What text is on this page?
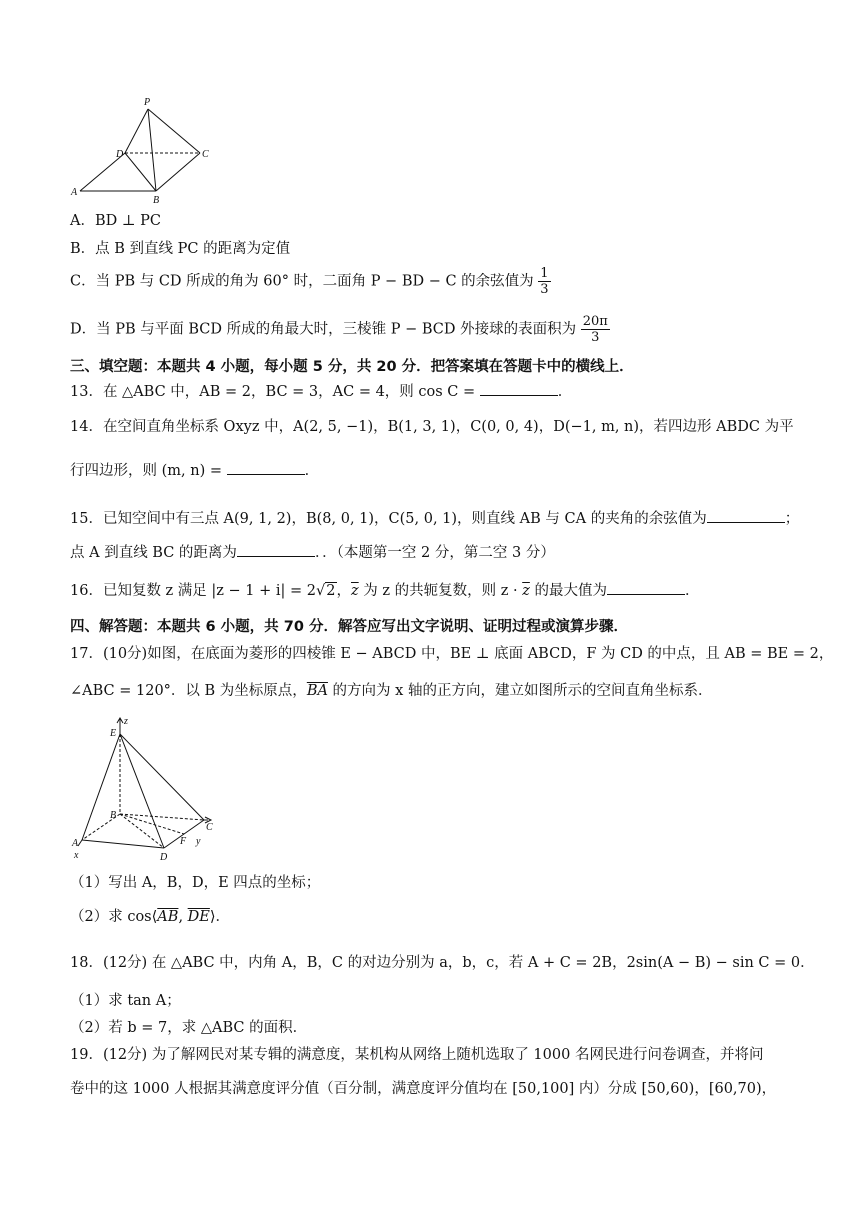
P
D	C
A
B
A．BD ⊥ PC
B．点 B 到直线 PC 的距离为定值
C．当 PB 与 CD 所成的角为 60° 时，二面角 P − BD − C 的余弦值为 $\frac{1}{3}$
D．当 PB 与平面 BCD 所成的角最大时，三棱锥 P − BCD 外接球的表面积为 $\frac{20\pi}{3}$
三、填空题：本题共 4 小题，每小题 5 分，共 20 分．把答案填在答题卡中的横线上．
13．在 △ABC 中，AB = 2，BC = 3，AC = 4，则 cos C =	．
14．在空间直角坐标系 Oxyz 中，A(2, 5, −1)，B(1, 3, 1)，C(0, 0, 4)，D(−1, m, n)，若四边形 ABDC 为平
行四边形，则 (m, n) =	．
15．已知空间中有三点 A(9, 1, 2)，B(8, 0, 1)，C(5, 0, 1)，则直线 AB 与 CA 的夹角的余弦值为	；
点 A 到直线 BC 的距离为	．．（本题第一空 2 分，第二空 3 分）
16．已知复数 z 满足 |z − 1 + i| = 2√2，$\overline{z}$ 为 z 的共轭复数，则 $z \cdot \overline{z}$ 的最大值为	．
四、解答题：本题共 6 小题，共 70 分．解答应写出文字说明、证明过程或演算步骤．
17．(10分)如图，在底面为菱形的四棱锥 E − ABCD 中，BE ⊥ 底面 ABCD，F 为 CD 的中点，且 AB = BE = 2，
∠ABC = 120°．以 B 为坐标原点，$\overline{BA}$ 的方向为 x 轴的正方向，建立如图所示的空间直角坐标系．
z
E
B
C
A
x	D
F y
（1）写出 A，B，D，E 四点的坐标；
（2）求 $\cos⟨\overline{AB}$, $\overline{DE}⟩$．
18．(12分) 在 △ABC 中，内角 A，B，C 的对边分别为 a，b，c，若 A + C = 2B，2sin(A − B) − sin C = 0．
（1）求 tan A；
（2）若 b = 7，求 △ABC 的面积．
19．(12分) 为了解网民对某专辑的满意度，某机构从网络上随机选取了 1000 名网民进行问卷调查，并将问
卷中的这 1000 人根据其满意度评分值（百分制，满意度评分值均在 [50,100] 内）分成 [50,60)，[60,70)，
